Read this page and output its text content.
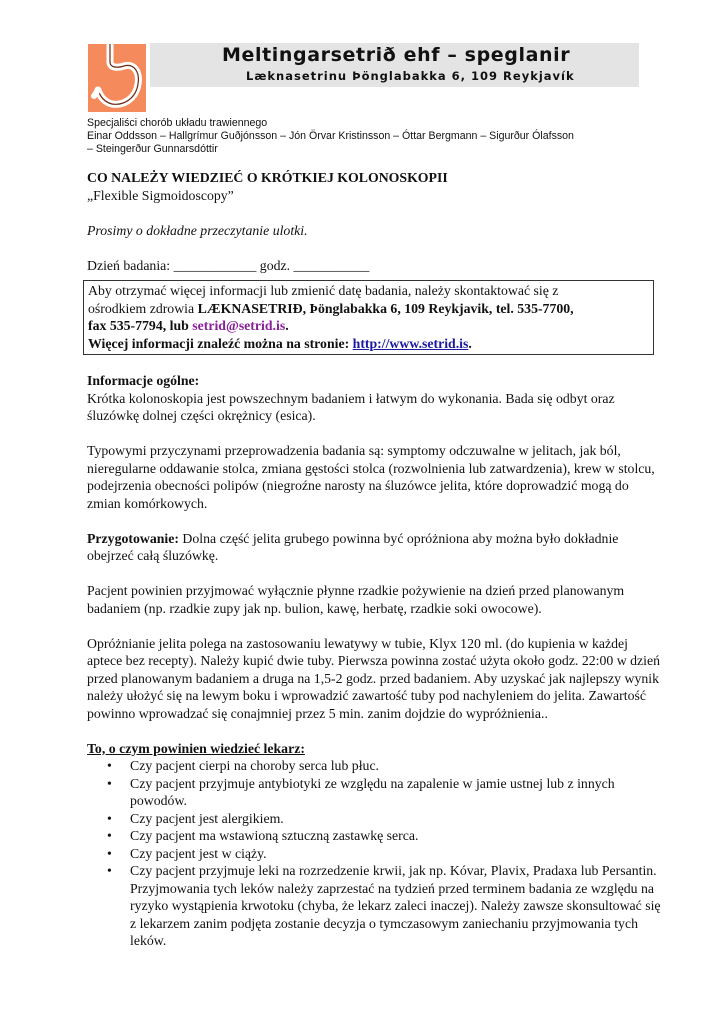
Meltingarsetrið ehf – speglanir
Læknasetrinu Þönglabakka 6, 109 Reykjavík
Specjaliści chorób układu trawiennego
Einar Oddsson – Hallgrímur Guðjónsson – Jón Örvar Kristinsson – Óttar Bergmann – Sigurður Ólafsson
– Steingerður Gunnarsdóttir

CO NALEŻY WIEDZIEĆ O KRÓTKIEJ KOLONOSKOPII

„Flexible Sigmoidoscopy”

Prosimy o dokładne przeczytanie ulotki.

Dzień badania: ____________ godz. ___________

Aby otrzymać więcej informacji lub zmienić datę badania, należy skontaktować się z

ośrodkiem zdrowia LÆKNASETRIÐ, Þönglabakka 6, 109 Reykjavik, tel. 535-7700,

fax 535-7794, lub setrid@setrid.is.

Więcej informacji znaleźć można na stronie: http://www.setrid.is.

Informacje ogólne:

Krótka kolonoskopia jest powszechnym badaniem i łatwym do wykonania. Bada się odbyt oraz śluzówkę dolnej części okrężnicy (esica).

Typowymi przyczynami przeprowadzenia badania są: symptomy odczuwalne w jelitach, jak ból, nieregularne oddawanie stolca, zmiana gęstości stolca (rozwolnienia lub zatwardzenia), krew w stolcu, podejrzenia obecności polipów (niegroźne narosty na śluzówce jelita, które doprowadzić mogą do zmian komórkowych.

Przygotowanie: Dolna część jelita grubego powinna być opróżniona aby można było dokładnie obejrzeć całą śluzówkę.

Pacjent powinien przyjmować wyłącznie płynne rzadkie pożywienie na dzień przed planowanym badaniem (np. rzadkie zupy jak np. bulion, kawę, herbatę, rzadkie soki owocowe).

Opróżnianie jelita polega na zastosowaniu lewatywy w tubie, Klyx 120 ml. (do kupienia w każdej aptece bez recepty). Należy kupić dwie tuby. Pierwsza powinna zostać użyta około godz. 22:00 w dzień przed planowanym badaniem a druga na 1,5-2 godz. przed badaniem. Aby uzyskać jak najlepszy wynik należy ułożyć się na lewym boku i wprowadzić zawartość tuby pod nachyleniem do jelita. Zawartość powinno wprowadzać się conajmniej przez 5 min. zanim dojdzie do wypróżnienia..

To, o czym powinien wiedzieć lekarz:

• Czy pacjent cierpi na choroby serca lub płuc.
• Czy pacjent przyjmuje antybiotyki ze względu na zapalenie w jamie ustnej lub z innych powodów.
• Czy pacjent jest alergikiem.
• Czy pacjent ma wstawioną sztuczną zastawkę serca.
• Czy pacjent jest w ciąży.
• Czy pacjent przyjmuje leki na rozrzedzenie krwii, jak np. Kóvar, Plavix, Pradaxa lub Persantin. Przyjmowania tych leków należy zaprzestać na tydzień przed terminem badania ze względu na ryzyko wystąpienia krwotoku (chyba, że lekarz zaleci inaczej). Należy zawsze skonsultować się z lekarzem zanim podjęta zostanie decyzja o tymczasowym zaniechaniu przyjmowania tych leków.
